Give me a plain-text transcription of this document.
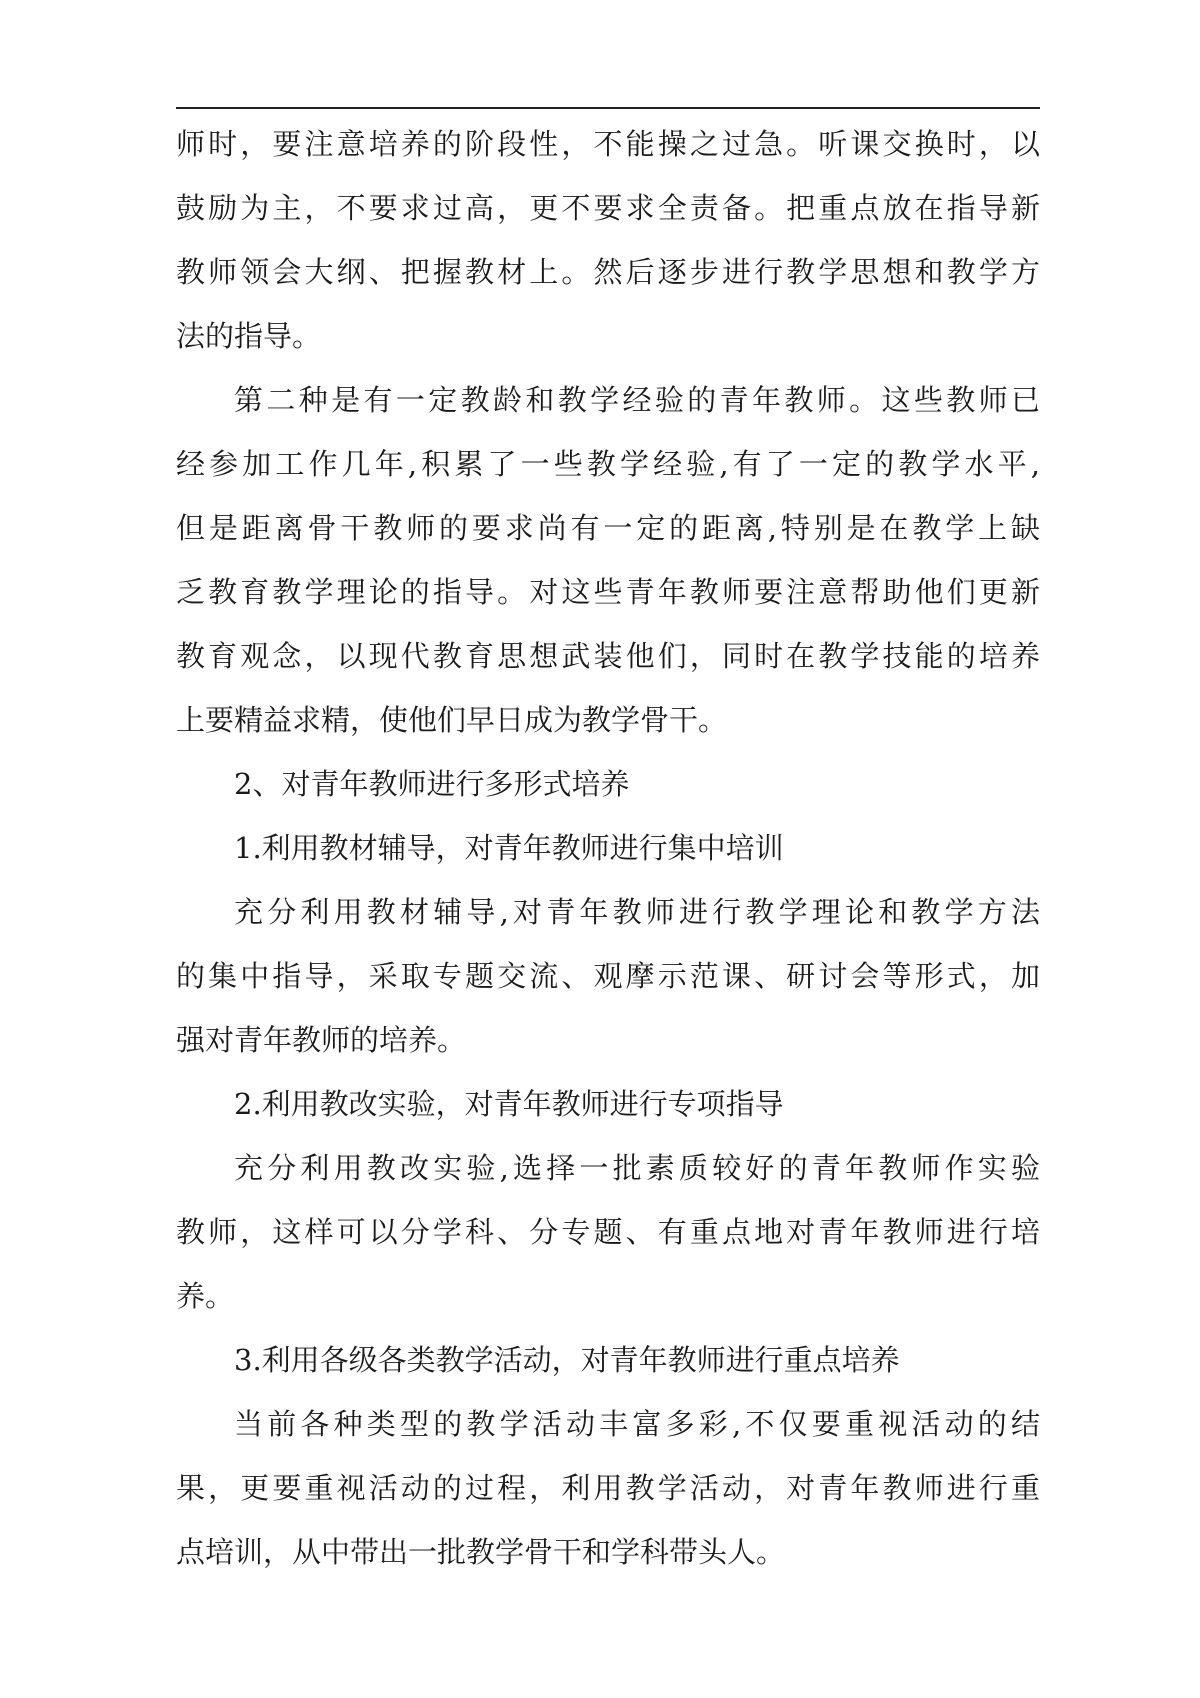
师时，要注意培养的阶段性，不能操之过急。听课交换时，以
鼓励为主，不要求过高，更不要求全责备。把重点放在指导新
教师领会大纲、把握教材上。然后逐步进行教学思想和教学方
法的指导。
第二种是有一定教龄和教学经验的青年教师。这些教师已
经参加工作几年,积累了一些教学经验,有了一定的教学水平,
但是距离骨干教师的要求尚有一定的距离,特别是在教学上缺
乏教育教学理论的指导。对这些青年教师要注意帮助他们更新
教育观念，以现代教育思想武装他们，同时在教学技能的培养
上要精益求精，使他们早日成为教学骨干。
2、对青年教师进行多形式培养
1.利用教材辅导，对青年教师进行集中培训
充分利用教材辅导,对青年教师进行教学理论和教学方法
的集中指导，采取专题交流、观摩示范课、研讨会等形式，加
强对青年教师的培养。
2.利用教改实验，对青年教师进行专项指导
充分利用教改实验,选择一批素质较好的青年教师作实验
教师，这样可以分学科、分专题、有重点地对青年教师进行培
养。
3.利用各级各类教学活动，对青年教师进行重点培养
当前各种类型的教学活动丰富多彩,不仅要重视活动的结
果，更要重视活动的过程，利用教学活动，对青年教师进行重
点培训，从中带出一批教学骨干和学科带头人。
